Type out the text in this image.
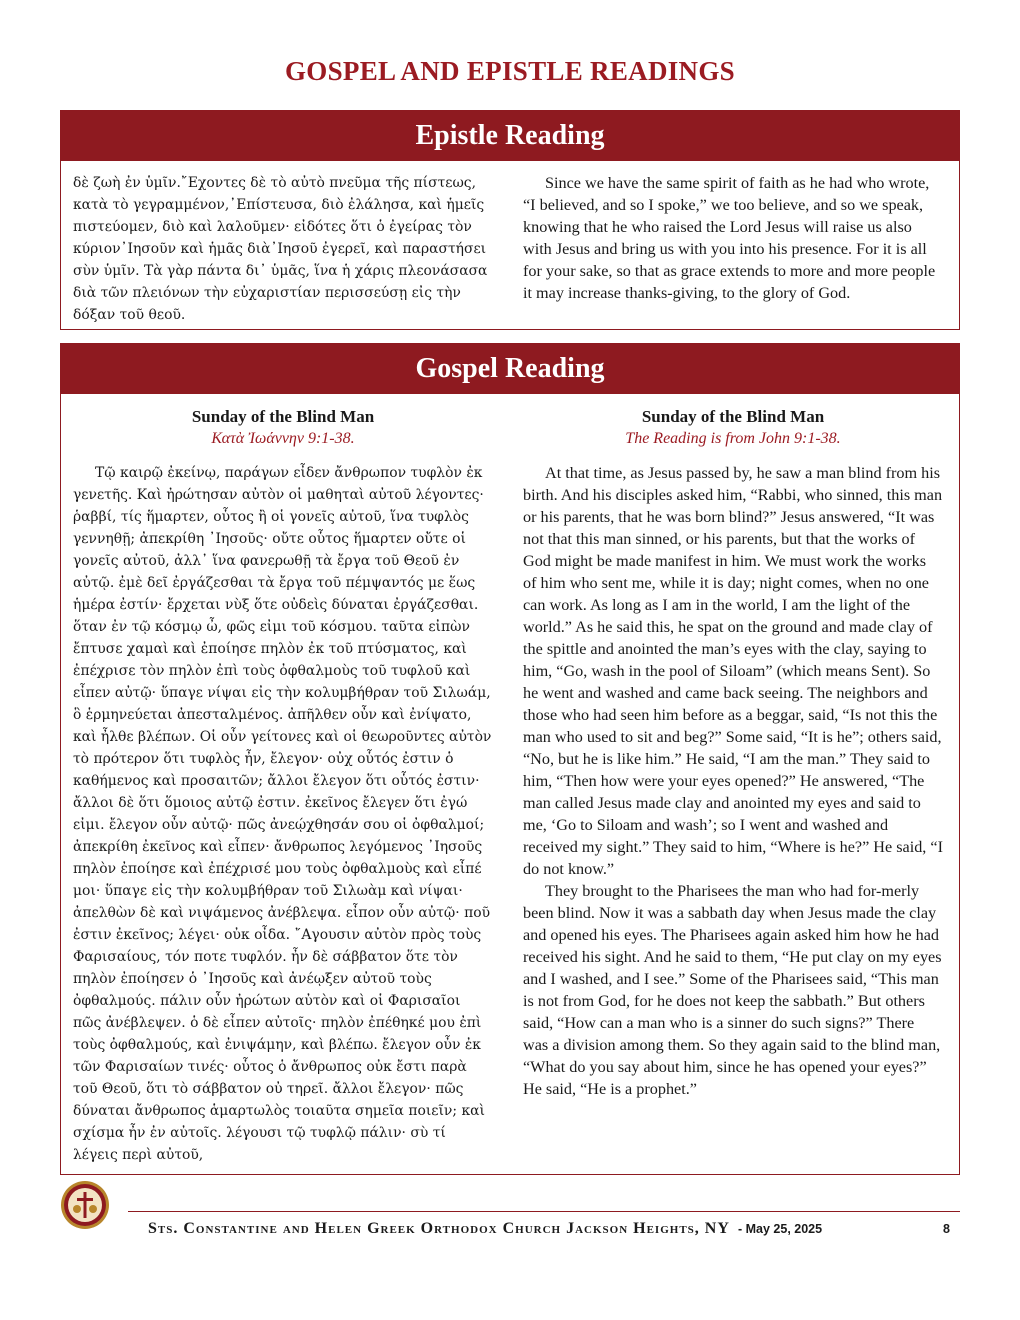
GOSPEL AND EPISTLE READINGS
Epistle Reading

δὲ ζωὴ ἐν ὑμῖν.῎Εχοντες δὲ τὸ αὐτὸ πνεῦμα τῆς πίστεως, κατὰ τὸ γεγραμμένον,᾿Επίστευσα, διὸ ἐλάλησα, καὶ ἡμεῖς πιστεύομεν, διὸ καὶ λαλοῦμεν· εἰδότες ὅτι ὁ ἐγείρας τὸν κύριον᾿Ιησοῦν καὶ ἡμᾶς διὰ᾿Ιησοῦ ἐγερεῖ, καὶ παραστήσει σὺν ὑμῖν. Τὰ γὰρ πάντα δι᾿ ὑμᾶς, ἵνα ἡ χάρις πλεονάσασα διὰ τῶν πλειόνων τὴν εὐχαριστίαν περισσεύσῃ εἰς τὴν δόξαν τοῦ θεοῦ.

Since we have the same spirit of faith as he had who wrote, “I believed, and so I spoke,” we too believe, and so we speak, knowing that he who raised the Lord Jesus will raise us also with Jesus and bring us with you into his presence. For it is all for your sake, so that as grace extends to more and more people it may increase thanks-giving, to the glory of God.

Gospel Reading

Sunday of the Blind Man

Κατὰ Ἰωάννην 9:1-38.

Τῷ καιρῷ ἐκείνῳ, παράγων εἶδεν ἄνθρωπον τυφλὸν ἐκ γενετῆς. Καὶ ἠρώτησαν αὐτὸν οἱ μαθηταὶ αὐτοῦ λέγοντες· ῥαββί, τίς ἥμαρτεν, οὗτος ἢ οἱ γονεῖς αὐτοῦ, ἵνα τυφλὸς γεννηθῇ; ἀπεκρίθη ᾿Ιησοῦς· οὔτε οὗτος ἥμαρτεν οὔτε οἱ γονεῖς αὐτοῦ, ἀλλ᾿ ἵνα φανερωθῇ τὰ ἔργα τοῦ Θεοῦ ἐν αὐτῷ. ἐμὲ δεῖ ἐργάζεσθαι τὰ ἔργα τοῦ πέμψαντός με ἕως ἡμέρα ἐστίν· ἔρχεται νὺξ ὅτε οὐδεὶς δύναται ἐργάζεσθαι. ὅταν ἐν τῷ κόσμῳ ὦ, φῶς εἰμι τοῦ κόσμου. ταῦτα εἰπὼν ἔπτυσε χαμαὶ καὶ ἐποίησε πηλὸν ἐκ τοῦ πτύσματος, καὶ ἐπέχρισε τὸν πηλὸν ἐπὶ τοὺς ὀφθαλμοὺς τοῦ τυφλοῦ καὶ εἶπεν αὐτῷ· ὕπαγε νίψαι εἰς τὴν κολυμβήθραν τοῦ Σιλωάμ, ὃ ἑρμηνεύεται ἀπεσταλμένος. ἀπῆλθεν οὖν καὶ ἐνίψατο, καὶ ἦλθε βλέπων. Οἱ οὖν γείτονες καὶ οἱ θεωροῦντες αὐτὸν τὸ πρότερον ὅτι τυφλὸς ἦν, ἔλεγον· οὐχ οὗτός ἐστιν ὁ καθήμενος καὶ προσαιτῶν; ἄλλοι ἔλεγον ὅτι οὗτός ἐστιν· ἄλλοι δὲ ὅτι ὅμοιος αὐτῷ ἐστιν. ἐκεῖνος ἔλεγεν ὅτι ἐγώ εἰμι. ἔλεγον οὖν αὐτῷ· πῶς ἀνεῴχθησάν σου οἱ ὀφθαλμοί; ἀπεκρίθη ἐκεῖνος καὶ εἶπεν· ἄνθρωπος λεγόμενος ᾿Ιησοῦς πηλὸν ἐποίησε καὶ ἐπέχρισέ μου τοὺς ὀφθαλμοὺς καὶ εἶπέ μοι· ὕπαγε εἰς τὴν κολυμβήθραν τοῦ Σιλωὰμ καὶ νίψαι· ἀπελθὼν δὲ καὶ νιψάμενος ἀνέβλεψα. εἶπον οὖν αὐτῷ· ποῦ ἐστιν ἐκεῖνος; λέγει· οὐκ οἶδα. ῎Αγουσιν αὐτὸν πρὸς τοὺς Φαρισαίους, τόν ποτε τυφλόν. ἦν δὲ σάββατον ὅτε τὸν πηλὸν ἐποίησεν ὁ ᾿Ιησοῦς καὶ ἀνέῳξεν αὐτοῦ τοὺς ὀφθαλμούς. πάλιν οὖν ἠρώτων αὐτὸν καὶ οἱ Φαρισαῖοι πῶς ἀνέβλεψεν. ὁ δὲ εἶπεν αὐτοῖς· πηλὸν ἐπέθηκέ μου ἐπὶ τοὺς ὀφθαλμούς, καὶ ἐνιψάμην, καὶ βλέπω. ἔλεγον οὖν ἐκ τῶν Φαρισαίων τινές· οὗτος ὁ ἄνθρωπος οὐκ ἔστι παρὰ τοῦ Θεοῦ, ὅτι τὸ σάββατον οὐ τηρεῖ. ἄλλοι ἔλεγον· πῶς δύναται ἄνθρωπος ἁμαρτωλὸς τοιαῦτα σημεῖα ποιεῖν; καὶ σχίσμα ἦν ἐν αὐτοῖς. λέγουσι τῷ τυφλῷ πάλιν· σὺ τί λέγεις περὶ αὐτοῦ,

Sunday of the Blind Man

The Reading is from John 9:1-38.

At that time, as Jesus passed by, he saw a man blind from his birth. And his disciples asked him, “Rabbi, who sinned, this man or his parents, that he was born blind?” Jesus answered, “It was not that this man sinned, or his parents, but that the works of God might be made manifest in him. We must work the works of him who sent me, while it is day; night comes, when no one can work. As long as I am in the world, I am the light of the world.” As he said this, he spat on the ground and made clay of the spittle and anointed the man’s eyes with the clay, saying to him, “Go, wash in the pool of Siloam” (which means Sent). So he went and washed and came back seeing. The neighbors and those who had seen him before as a beggar, said, “Is not this the man who used to sit and beg?” Some said, “It is he”; others said, “No, but he is like him.” He said, “I am the man.” They said to him, “Then how were your eyes opened?” He answered, “The man called Jesus made clay and anointed my eyes and said to me, ‘Go to Siloam and wash’; so I went and washed and received my sight.” They said to him, “Where is he?” He said, “I do not know.”

They brought to the Pharisees the man who had for-merly been blind. Now it was a sabbath day when Jesus made the clay and opened his eyes. The Pharisees again asked him how he had received his sight. And he said to them, “He put clay on my eyes and I washed, and I see.” Some of the Pharisees said, “This man is not from God, for he does not keep the sabbath.” But others said, “How can a man who is a sinner do such signs?” There was a division among them. So they again said to the blind man, “What do you say about him, since he has opened your eyes?” He said, “He is a prophet.”

Sts. Constantine and Helen Greek Orthodox Church Jackson Heights, NY - May 25, 2025	8
